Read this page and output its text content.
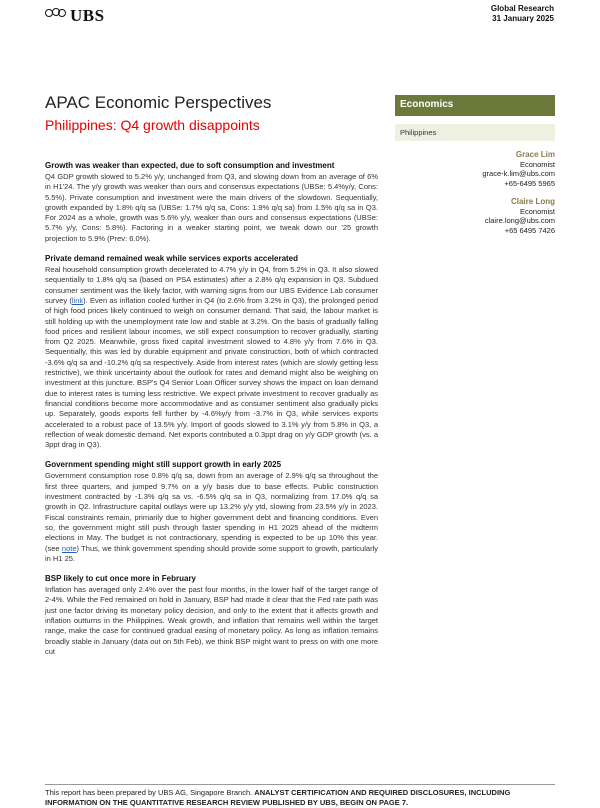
UBS	Global Research
31 January 2025
APAC Economic Perspectives
Philippines: Q4 growth disappoints
Economics
Philippines
Grace Lim
Economist
grace-k.lim@ubs.com
+65-6495 5965
Claire Long
Economist
claire.long@ubs.com
+65 6495 7426
Growth was weaker than expected, due to soft consumption and investment

Q4 GDP growth slowed to 5.2% y/y, unchanged from Q3, and slowing down from an average of 6% in H1'24. The y/y growth was weaker than ours and consensus expectations (UBSe: 5.4%y/y, Cons: 5.5%). Private consumption and investment were the main drivers of the slowdown. Sequentially, growth expanded by 1.8% q/q sa (UBSe: 1.7% q/q sa, Cons: 1.9% q/q sa) from 1.5% q/q sa in Q3. For 2024 as a whole, growth was 5.6% y/y, weaker than ours and consensus expectations (UBSe: 5.7% y/y, Cons: 5.8%). Factoring in a weaker starting point, we tweak down our '25 growth projection to 5.9% (Prev: 6.0%).

Private demand remained weak while services exports accelerated

Real household consumption growth decelerated to 4.7% y/y in Q4, from 5.2% in Q3. It also slowed sequentially to 1.8% q/q sa (based on PSA estimates) after a 2.8% q/q expansion in Q3. Subdued consumer sentiment was the likely factor, with warning signs from our UBS Evidence Lab consumer survey (link). Even as inflation cooled further in Q4 (to 2.6% from 3.2% in Q3), the prolonged period of high food prices likely continued to weigh on consumer demand. That said, the labour market is still holding up with the unemployment rate low and stable at 3.2%. On the basis of gradually falling food prices and resilient labour incomes, we still expect consumption to recover gradually, starting from Q2 2025. Meanwhile, gross fixed capital investment slowed to 4.8% y/y from 7.6% in Q3. Sequentially, this was led by durable equipment and private construction, both of which contracted -3.6% q/q sa and -10.2% q/q sa respectively. Aside from interest rates (which are slowly getting less restrictive), we think uncertainty about the outlook for rates and demand might also be weighing on investment at this juncture. BSP's Q4 Senior Loan Officer survey shows the impact on loan demand due to interest rates is turning less restrictive. We expect private investment to recover gradually as financial conditions become more accommodative and as consumer sentiment also gradually picks up. Separately, goods exports fell further by -4.6%y/y from -3.7% in Q3, while services exports accelerated to a robust pace of 13.5% y/y. Import of goods slowed to 3.1% y/y from 5.8% in Q3, a reflection of weak domestic demand. Net exports contributed a 0.3ppt drag on y/y GDP growth (vs. a 3ppt drag in Q3).

Government spending might still support growth in early 2025

Government consumption rose 0.8% q/q sa, down from an average of 2.9% q/q sa throughout the first three quarters, and jumped 9.7% on a y/y basis due to base effects. Public construction investment contracted by -1.3% q/q sa vs. -6.5% q/q sa in Q3, normalizing from 17.0% q/q sa growth in Q2. Infrastructure capital outlays were up 13.2% y/y ytd, slowing from 23.5% y/y in 2023. Fiscal constraints remain, primarily due to higher government debt and financing conditions. Even so, the government might still push through faster spending in H1 2025 ahead of the midterm elections in May. The budget is not contractionary, spending is expected to be up 10% this year. (see note) Thus, we think government spending should provide some support to growth, particularly in H1 25.

BSP likely to cut once more in February

Inflation has averaged only 2.4% over the past four months, in the lower half of the target range of 2-4%. While the Fed remained on hold in January, BSP had made it clear that the Fed rate path was just one factor driving its monetary policy decision, and only to the extent that it affects growth and inflation outturns in the Philippines. Weak growth, and inflation that remains well within the target range, make the case for continued gradual easing of monetary policy. As long as inflation remains broadly stable in January (data out on 5th Feb), we think BSP might want to press on with one more cut

This report has been prepared by UBS AG, Singapore Branch. ANALYST CERTIFICATION AND REQUIRED DISCLOSURES, INCLUDING INFORMATION ON THE QUANTITATIVE RESEARCH REVIEW PUBLISHED BY UBS, BEGIN ON PAGE 7.
